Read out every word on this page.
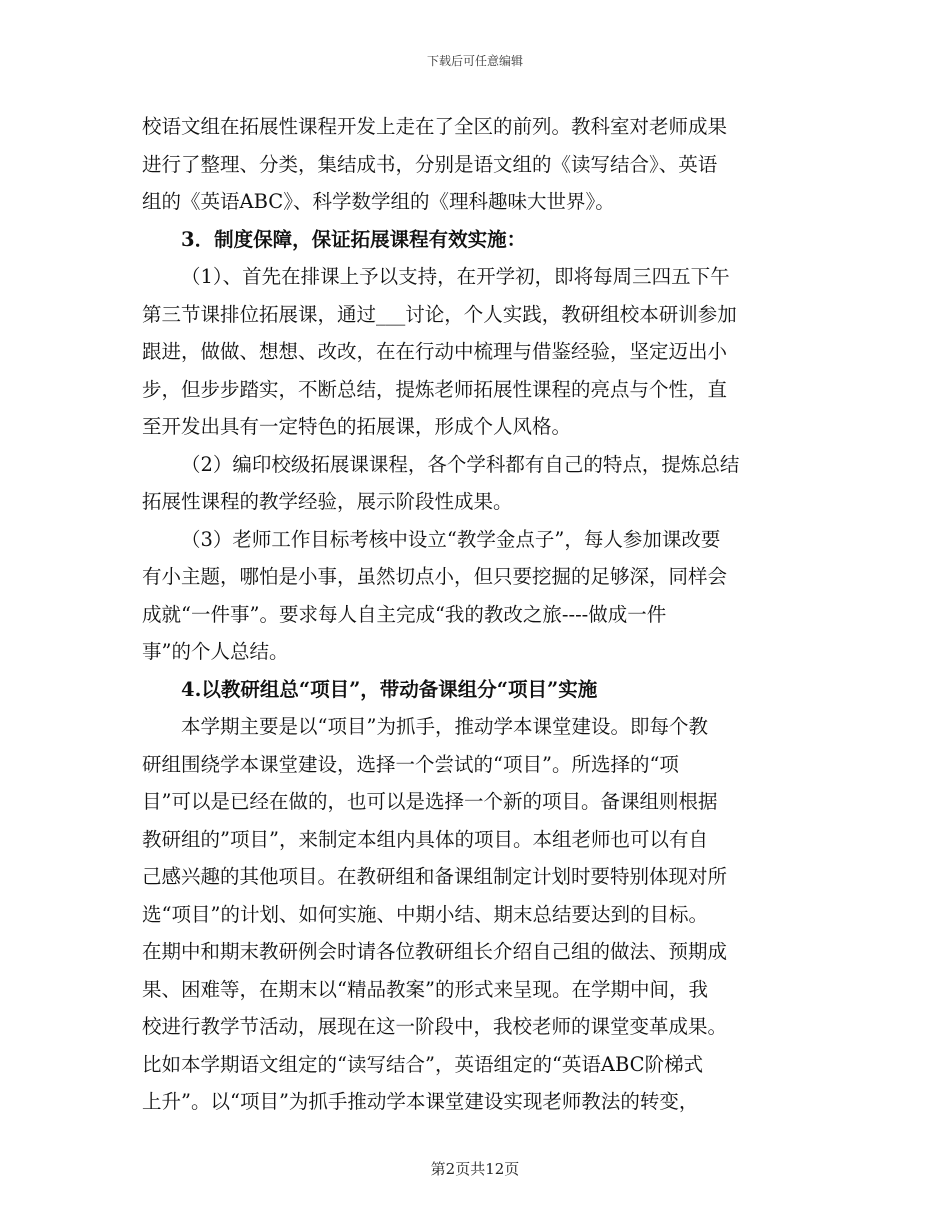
下载后可任意编辑
校语文组在拓展性课程开发上走在了全区的前列。教科室对老师成果
进行了整理、分类，集结成书，分别是语文组的《读写结合》、英语
组的《英语ABC》、科学数学组的《理科趣味大世界》。
3．制度保障，保证拓展课程有效实施：
（1）、首先在排课上予以支持，在开学初，即将每周三四五下午
第三节课排位拓展课，通过___讨论，个人实践，教研组校本研训参加
跟进，做做、想想、改改，在在行动中梳理与借鉴经验，坚定迈出小
步，但步步踏实，不断总结，提炼老师拓展性课程的亮点与个性，直
至开发出具有一定特色的拓展课，形成个人风格。
（2）编印校级拓展课课程，各个学科都有自己的特点，提炼总结
拓展性课程的教学经验，展示阶段性成果。
（3）老师工作目标考核中设立“教学金点子”，每人参加课改要
有小主题，哪怕是小事，虽然切点小，但只要挖掘的足够深，同样会
成就“一件事”。要求每人自主完成“我的教改之旅----做成一件
事”的个人总结。
4.以教研组总“项目”，带动备课组分“项目”实施
本学期主要是以“项目”为抓手，推动学本课堂建设。即每个教
研组围绕学本课堂建设，选择一个尝试的“项目”。所选择的“项
目”可以是已经在做的，也可以是选择一个新的项目。备课组则根据
教研组的”项目”，来制定本组内具体的项目。本组老师也可以有自
己感兴趣的其他项目。在教研组和备课组制定计划时要特别体现对所
选“项目”的计划、如何实施、中期小结、期末总结要达到的目标。
在期中和期末教研例会时请各位教研组长介绍自己组的做法、预期成
果、困难等，在期末以“精品教案”的形式来呈现。在学期中间，我
校进行教学节活动，展现在这一阶段中，我校老师的课堂变革成果。
比如本学期语文组定的“读写结合”，英语组定的“英语ABC阶梯式
上升”。以“项目”为抓手推动学本课堂建设实现老师教法的转变，
第2页共12页
